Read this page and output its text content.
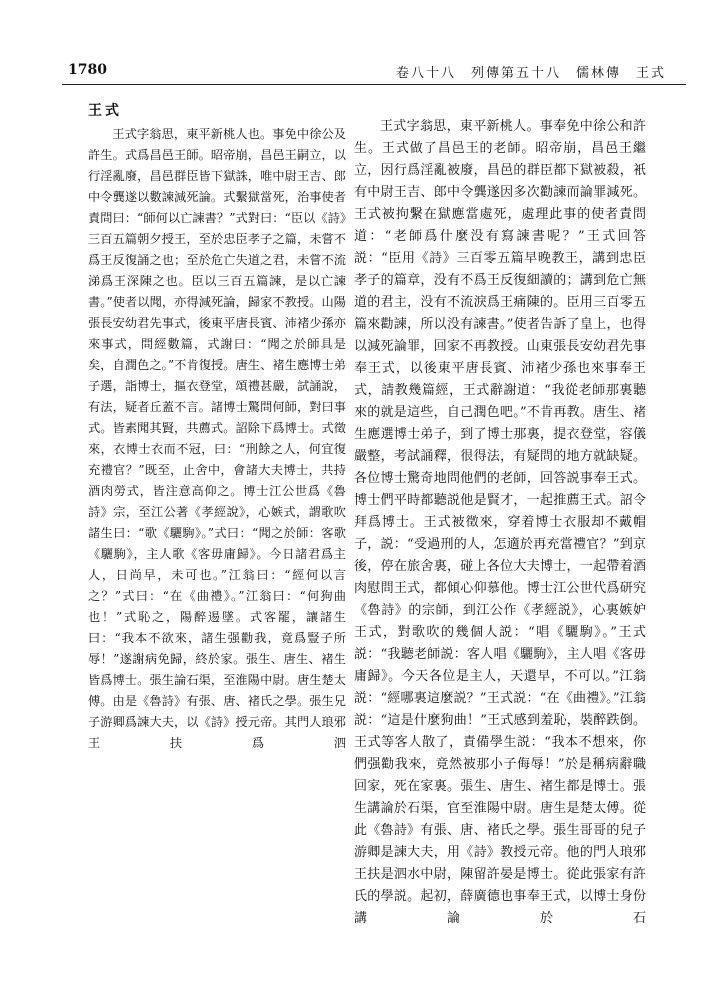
1780	卷八十八　列傳第五十八　儒林傳　王式
王式

王式字翁思，東平新桃人也。事免中徐公及許生。式爲昌邑王師。昭帝崩，昌邑王嗣立，以行淫亂廢，昌邑群臣皆下獄誅，唯中尉王吉、郎中令龔遂以數諫減死論。式繫獄當死，治事使者責問曰：“師何以亡諫書？”式對曰：“臣以《詩》三百五篇朝夕授王，至於忠臣孝子之篇，未嘗不爲王反復誦之也；至於危亡失道之君，未嘗不流涕爲王深陳之也。臣以三百五篇諫，是以亡諫書。”使者以聞，亦得減死論，歸家不教授。山陽張長安幼君先事式，後東平唐長賓、沛褚少孫亦來事式，問經數篇，式謝曰：“聞之於師具是矣，自潤色之。”不肯復授。唐生、褚生應博士弟子選，詣博士，摳衣登堂，頌禮甚嚴，試誦說，有法，疑者丘蓋不言。諸博士驚問何師，對曰事式。皆素聞其賢，共薦式。詔除下爲博士。式徵來，衣博士衣而不冠，曰：“刑餘之人，何宜復充禮官？”既至，止舍中，會諸大夫博士，共持酒肉勞式，皆注意高仰之。博士江公世爲《魯詩》宗，至江公著《孝經說》，心嫉式，謂歌吹諸生曰：“歌《驪駒》。”式曰：“聞之於師：客歌《驪駒》，主人歌《客毋庸歸》。今日諸君爲主人，日尚早，未可也。”江翁曰：“經何以言之？”式曰：“在《曲禮》。”江翁曰：“何狗曲也！”式恥之，陽醉逷墜。式客罷，讓諸生曰：“我本不欲來，諸生强勸我，竟爲豎子所辱！”遂謝病免歸，終於家。張生、唐生、褚生皆爲博士。張生論石渠，至淮陽中尉。唐生楚太傅。由是《魯詩》有張、唐、褚氏之學。張生兄子游卿爲諫大夫，以《詩》授元帝。其門人琅邪王扶爲泗

王式字翁思，東平新桃人。事奉免中徐公和許生。王式做了昌邑王的老師。昭帝崩，昌邑王繼立，因行爲淫亂被廢，昌邑的群臣都下獄被殺，衹有中尉王吉、郎中令龔遂因多次勸諫而論罪減死。王式被拘繫在獄應當處死，處理此事的使者責問道：“老師爲什麼没有寫諫書呢？”王式回答説：“臣用《詩》三百零五篇早晚教王，講到忠臣孝子的篇章，没有不爲王反復細讀的；講到危亡無道的君主，没有不流淚爲王痛陳的。臣用三百零五篇來勸諫，所以没有諫書。”使者告訴了皇上，也得以減死論罪，回家不再教授。山東張長安幼君先事奉王式，以後東平唐長賓、沛褚少孫也來事奉王式，請教幾篇經，王式辭謝道：“我從老師那裏聽來的就是這些，自己潤色吧。”不肯再教。唐生、褚生應選博士弟子，到了博士那裏，提衣登堂，容儀嚴整，考試誦釋，很得法，有疑問的地方就缺疑。各位博士驚奇地問他們的老師，回答説事奉王式。博士們平時都聽説他是賢才，一起推薦王式。詔令拜爲博士。王式被徵來，穿着博士衣服却不戴帽子，説：“受過刑的人，怎適於再充當禮官？”到京後，停在旅舍裏，碰上各位大夫博士，一起帶着酒肉慰問王式，都傾心仰慕他。博士江公世代爲研究《魯詩》的宗師，到江公作《孝經説》，心裏嫉妒王式，對歌吹的幾個人説：“唱《驪駒》。”王式説：“我聽老師説：客人唱《驪駒》，主人唱《客毋庸歸》。今天各位是主人，天還早，不可以。”江翁説：“經哪裏這麼説？”王式説：“在《曲禮》。”江翁説：“這是什麼狗曲！”王式感到羞恥，裝醉跌倒。王式等客人散了，責備學生説：“我本不想來，你們强勸我來，竟然被那小子侮辱！”於是稱病辭職回家，死在家裏。張生、唐生、褚生都是博士。張生講論於石渠，官至淮陽中尉。唐生是楚太傅。從此《魯詩》有張、唐、褚氏之學。張生哥哥的兒子游卿是諫大夫，用《詩》教授元帝。他的門人琅邪王扶是泗水中尉，陳留許晏是博士。從此張家有許氏的學説。起初，薛廣德也事奉王式，以博士身份講論於石
